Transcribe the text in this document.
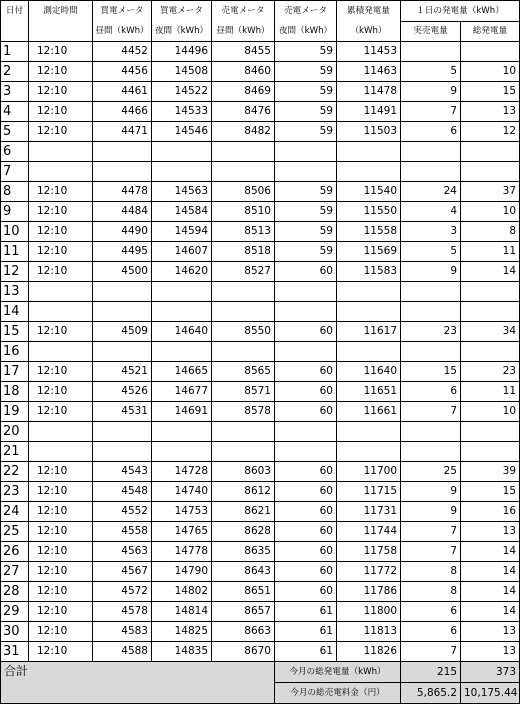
日付	測定時間	買電メータ	買電メータ	売電メータ	売電メータ	累積発電量	１日の発電量（kWh）	
		昼間（kWh）	夜間（kWh）	昼間（kWh）	夜間（kWh）	（kWh）	実売電量	総発電量
1	12:10	4452	14496	8455	59	11453		
2	12:10	4456	14508	8460	59	11463	5	10
3	12:10	4461	14522	8469	59	11478	9	15
4	12:10	4466	14533	8476	59	11491	7	13
5	12:10	4471	14546	8482	59	11503	6	12
6								
7								
8	12:10	4478	14563	8506	59	11540	24	37
9	12:10	4484	14584	8510	59	11550	4	10
10	12:10	4490	14594	8513	59	11558	3	8
11	12:10	4495	14607	8518	59	11569	5	11
12	12:10	4500	14620	8527	60	11583	9	14
13								
14								
15	12:10	4509	14640	8550	60	11617	23	34
16								
17	12:10	4521	14665	8565	60	11640	15	23
18	12:10	4526	14677	8571	60	11651	6	11
19	12:10	4531	14691	8578	60	11661	7	10
20								
21								
22	12:10	4543	14728	8603	60	11700	25	39
23	12:10	4548	14740	8612	60	11715	9	15
24	12:10	4552	14753	8621	60	11731	9	16
25	12:10	4558	14765	8628	60	11744	7	13
26	12:10	4563	14778	8635	60	11758	7	14
27	12:10	4567	14790	8643	60	11772	8	14
28	12:10	4572	14802	8651	60	11786	8	14
29	12:10	4578	14814	8657	61	11800	6	14
30	12:10	4583	14825	8663	61	11813	6	13
31	12:10	4588	14835	8670	61	11826	7	13
合計					今月の総発電量（kWh）		215	373
					今月の総売電料金（円）		5,865.2	10,175.44
